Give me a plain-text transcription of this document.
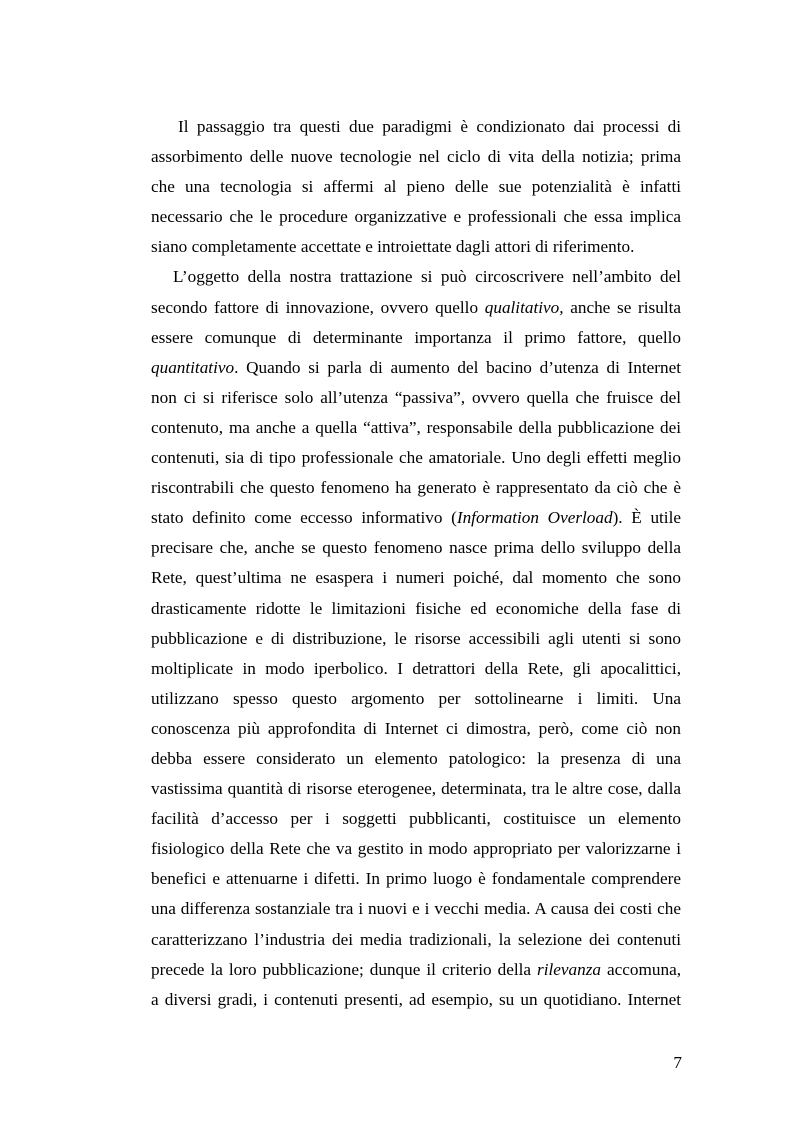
Il passaggio tra questi due paradigmi è condizionato dai processi di
assorbimento delle nuove tecnologie nel ciclo di vita della notizia; prima
che una tecnologia si affermi al pieno delle sue potenzialità è infatti
necessario che le procedure organizzative e professionali che essa implica
siano completamente accettate e introiettate dagli attori di riferimento.
L’oggetto della nostra trattazione si può circoscrivere nell’ambito del
secondo fattore di innovazione, ovvero quello qualitativo, anche se risulta
essere comunque di determinante importanza il primo fattore, quello
quantitativo. Quando si parla di aumento del bacino d’utenza di Internet
non ci si riferisce solo all’utenza “passiva”, ovvero quella che fruisce del
contenuto, ma anche a quella “attiva”, responsabile della pubblicazione dei
contenuti, sia di tipo professionale che amatoriale. Uno degli effetti meglio
riscontrabili che questo fenomeno ha generato è rappresentato da ciò che è
stato definito come eccesso informativo (Information Overload). È utile
precisare che, anche se questo fenomeno nasce prima dello sviluppo della
Rete, quest’ultima ne esaspera i numeri poiché, dal momento che sono
drasticamente ridotte le limitazioni fisiche ed economiche della fase di
pubblicazione e di distribuzione, le risorse accessibili agli utenti si sono
moltiplicate in modo iperbolico. I detrattori della Rete, gli apocalittici,
utilizzano spesso questo argomento per sottolinearne i limiti. Una
conoscenza più approfondita di Internet ci dimostra, però, come ciò non
debba essere considerato un elemento patologico: la presenza di una
vastissima quantità di risorse eterogenee, determinata, tra le altre cose, dalla
facilità d’accesso per i soggetti pubblicanti, costituisce un elemento
fisiologico della Rete che va gestito in modo appropriato per valorizzarne i
benefici e attenuarne i difetti. In primo luogo è fondamentale comprendere
una differenza sostanziale tra i nuovi e i vecchi media. A causa dei costi che
caratterizzano l’industria dei media tradizionali, la selezione dei contenuti
precede la loro pubblicazione; dunque il criterio della rilevanza accomuna,
a diversi gradi, i contenuti presenti, ad esempio, su un quotidiano. Internet
7
